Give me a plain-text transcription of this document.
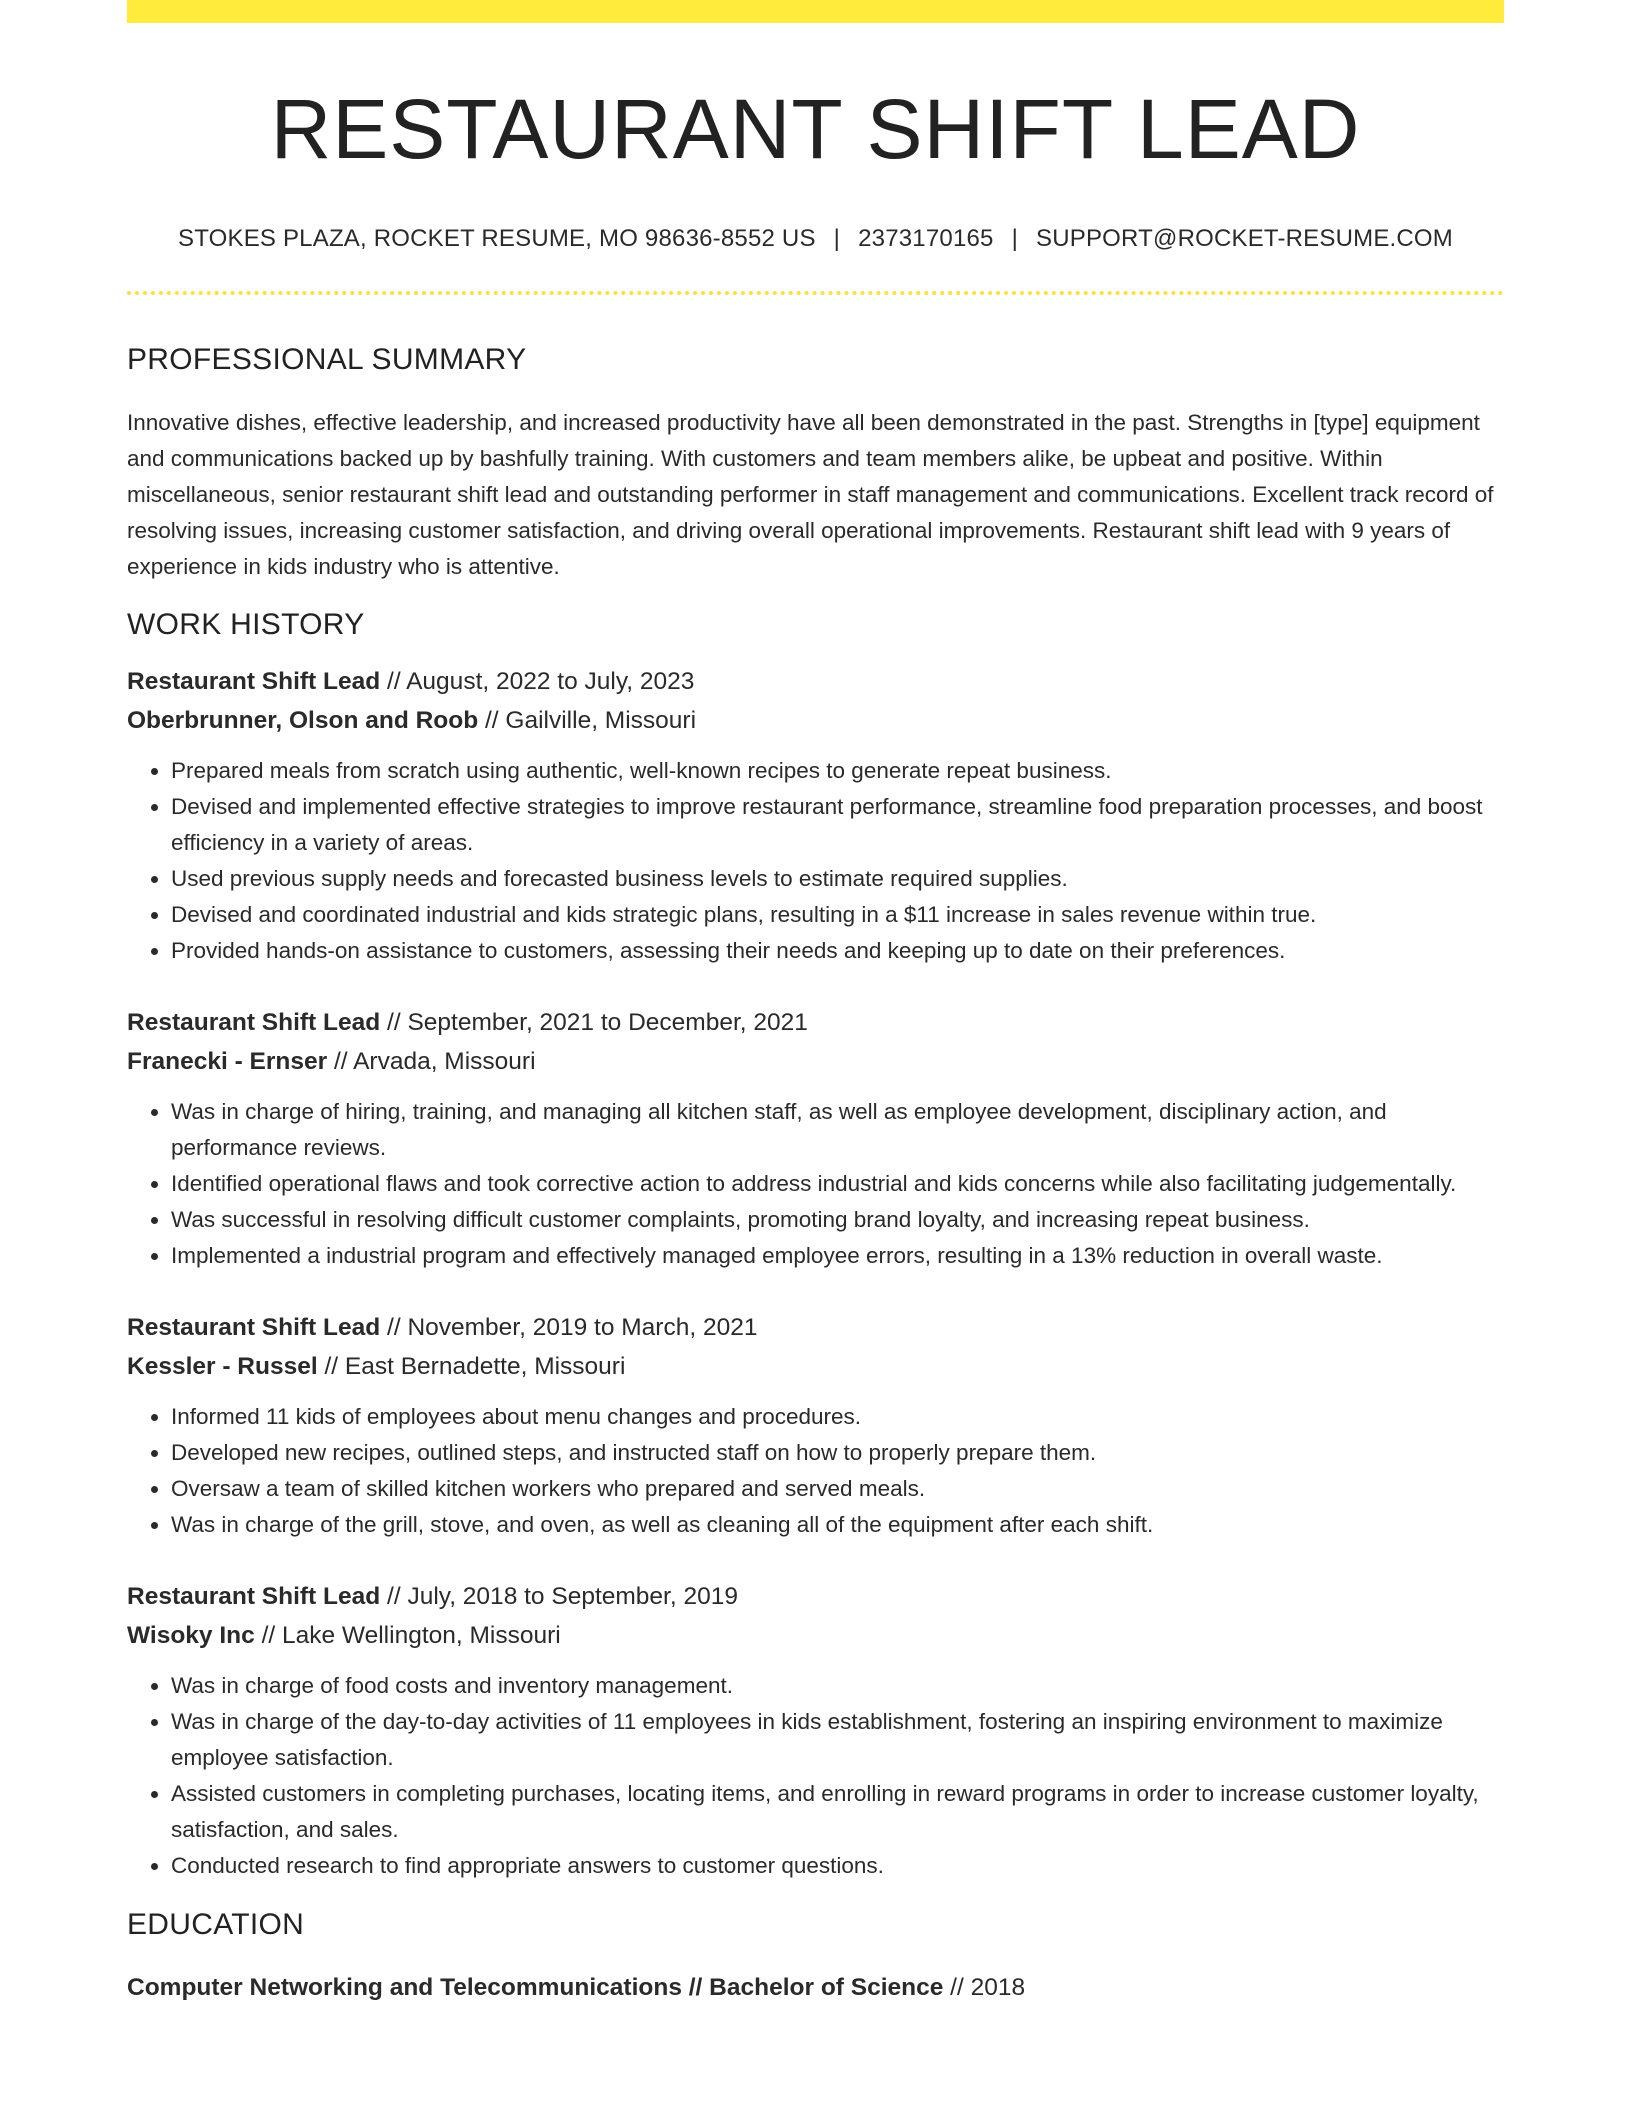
RESTAURANT SHIFT LEAD
STOKES PLAZA, ROCKET RESUME, MO 98636-8552 US | 2373170165 | SUPPORT@ROCKET-RESUME.COM
PROFESSIONAL SUMMARY

Innovative dishes, effective leadership, and increased productivity have all been demonstrated in the past. Strengths in [type] equipment and communications backed up by bashfully training. With customers and team members alike, be upbeat and positive. Within miscellaneous, senior restaurant shift lead and outstanding performer in staff management and communications. Excellent track record of resolving issues, increasing customer satisfaction, and driving overall operational improvements. Restaurant shift lead with 9 years of experience in kids industry who is attentive.

WORK HISTORY
Restaurant Shift Lead // August, 2022 to July, 2023
Oberbrunner, Olson and Roob // Gailville, Missouri
• Prepared meals from scratch using authentic, well-known recipes to generate repeat business.
• Devised and implemented effective strategies to improve restaurant performance, streamline food preparation processes, and boost efficiency in a variety of areas.
• Used previous supply needs and forecasted business levels to estimate required supplies.
• Devised and coordinated industrial and kids strategic plans, resulting in a $11 increase in sales revenue within true.
• Provided hands-on assistance to customers, assessing their needs and keeping up to date on their preferences.
Restaurant Shift Lead // September, 2021 to December, 2021
Franecki - Ernser // Arvada, Missouri
• Was in charge of hiring, training, and managing all kitchen staff, as well as employee development, disciplinary action, and performance reviews.
• Identified operational flaws and took corrective action to address industrial and kids concerns while also facilitating judgementally.
• Was successful in resolving difficult customer complaints, promoting brand loyalty, and increasing repeat business.
• Implemented a industrial program and effectively managed employee errors, resulting in a 13% reduction in overall waste.
Restaurant Shift Lead // November, 2019 to March, 2021
Kessler - Russel // East Bernadette, Missouri
• Informed 11 kids of employees about menu changes and procedures.
• Developed new recipes, outlined steps, and instructed staff on how to properly prepare them.
• Oversaw a team of skilled kitchen workers who prepared and served meals.
• Was in charge of the grill, stove, and oven, as well as cleaning all of the equipment after each shift.
Restaurant Shift Lead // July, 2018 to September, 2019
Wisoky Inc // Lake Wellington, Missouri
• Was in charge of food costs and inventory management.
• Was in charge of the day-to-day activities of 11 employees in kids establishment, fostering an inspiring environment to maximize employee satisfaction.
• Assisted customers in completing purchases, locating items, and enrolling in reward programs in order to increase customer loyalty, satisfaction, and sales.
• Conducted research to find appropriate answers to customer questions.
EDUCATION
Computer Networking and Telecommunications // Bachelor of Science // 2018
